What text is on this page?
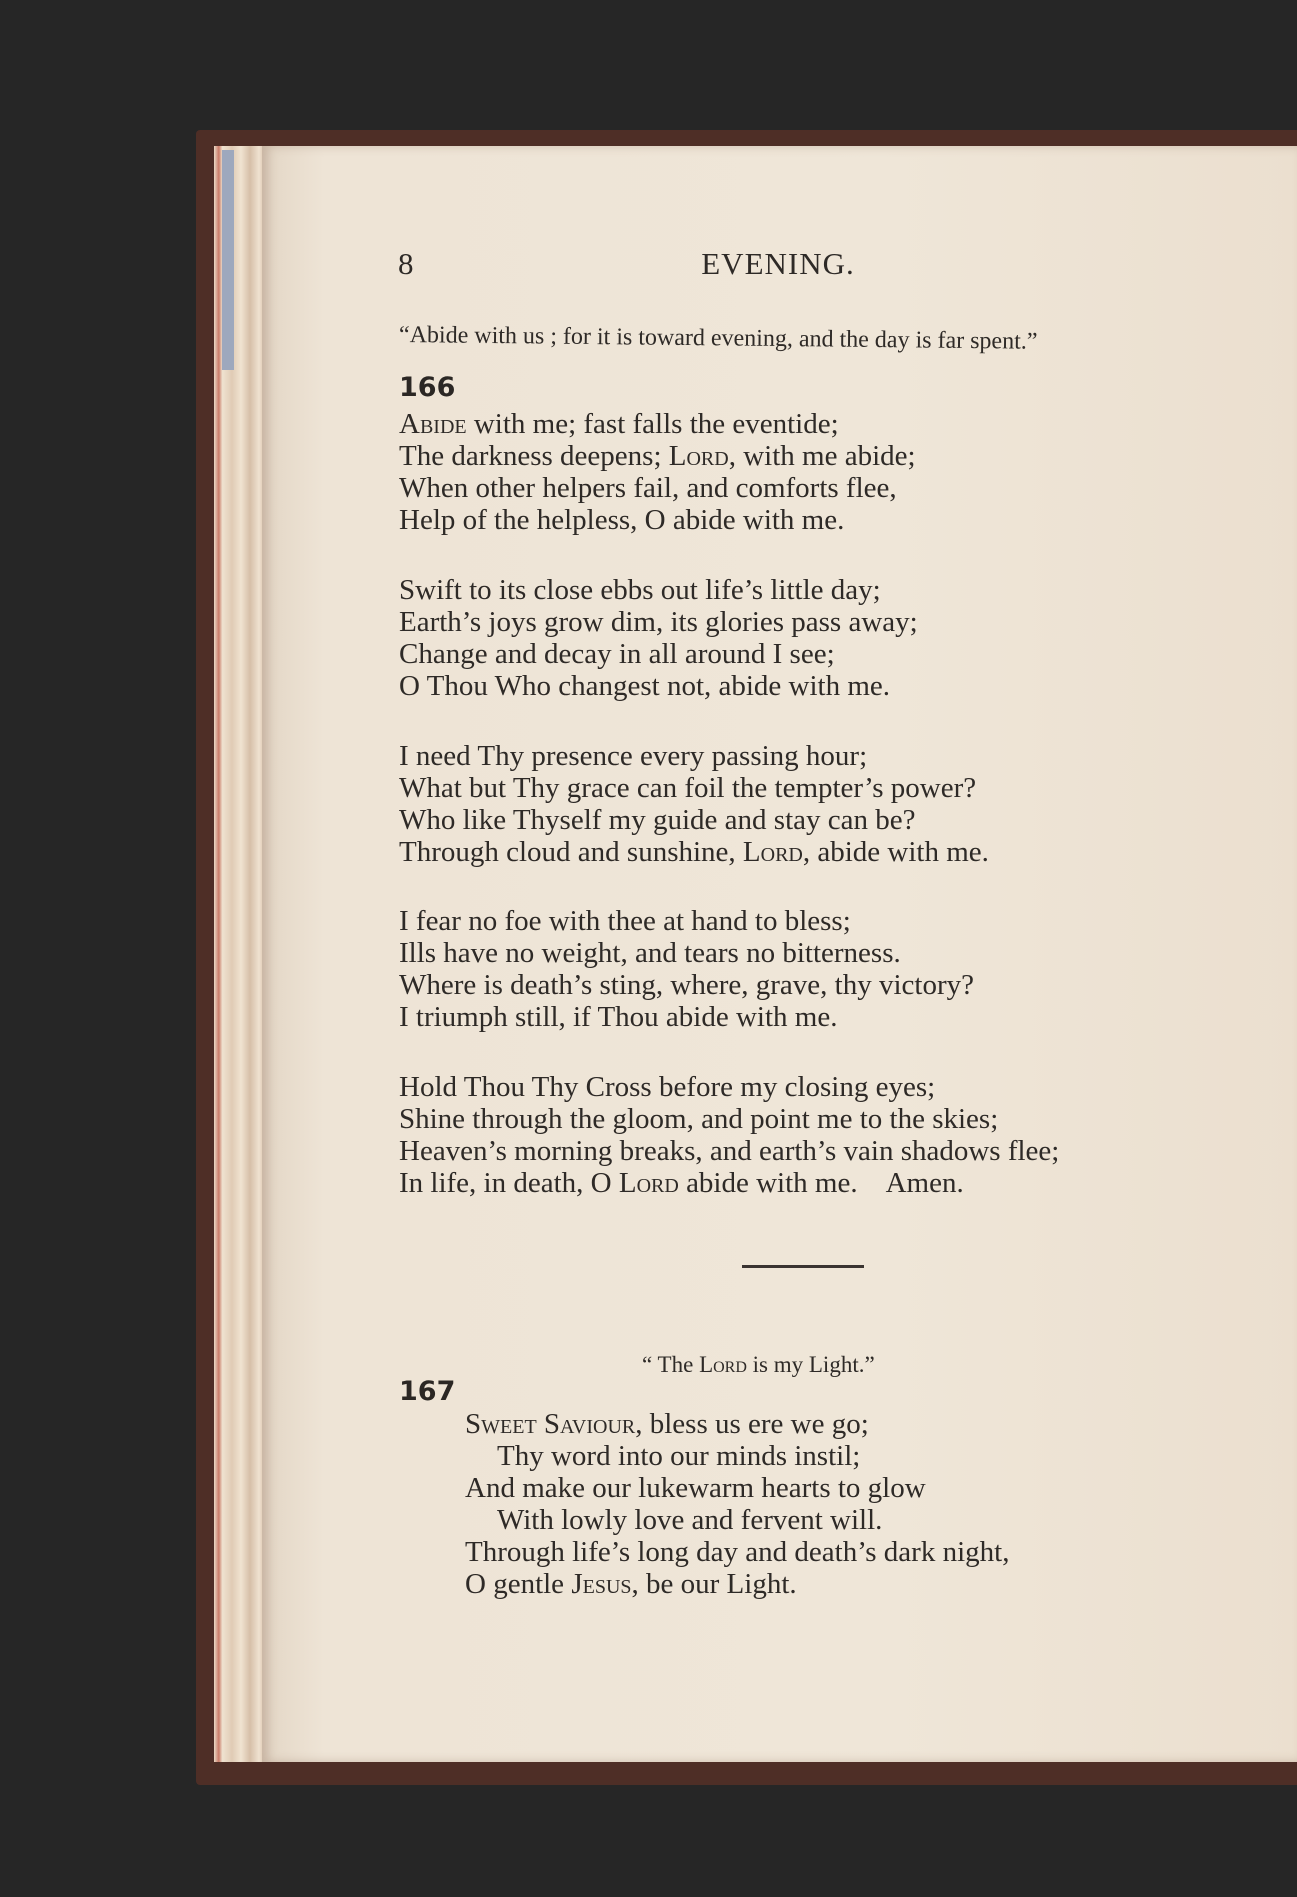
8	EVENING.
“Abide with us ; for it is toward evening, and the day is far spent.”
166
Abide with me; fast falls the eventide;
The darkness deepens; Lord, with me abide;
When other helpers fail, and comforts flee,
Help of the helpless, O abide with me.
Swift to its close ebbs out life’s little day;
Earth’s joys grow dim, its glories pass away;
Change and decay in all around I see;
O Thou Who changest not, abide with me.
I need Thy presence every passing hour;
What but Thy grace can foil the tempter’s power?
Who like Thyself my guide and stay can be?
Through cloud and sunshine, Lord, abide with me.
I fear no foe with thee at hand to bless;
Ills have no weight, and tears no bitterness.
Where is death’s sting, where, grave, thy victory?
I triumph still, if Thou abide with me.
Hold Thou Thy Cross before my closing eyes;
Shine through the gloom, and point me to the skies;
Heaven’s morning breaks, and earth’s vain shadows flee;
In life, in death, O Lord abide with me. Amen.
“ The Lord is my Light.”
167
Sweet Saviour, bless us ere we go;
Thy word into our minds instil;
And make our lukewarm hearts to glow
With lowly love and fervent will.
Through life’s long day and death’s dark night,
O gentle Jesus, be our Light.
